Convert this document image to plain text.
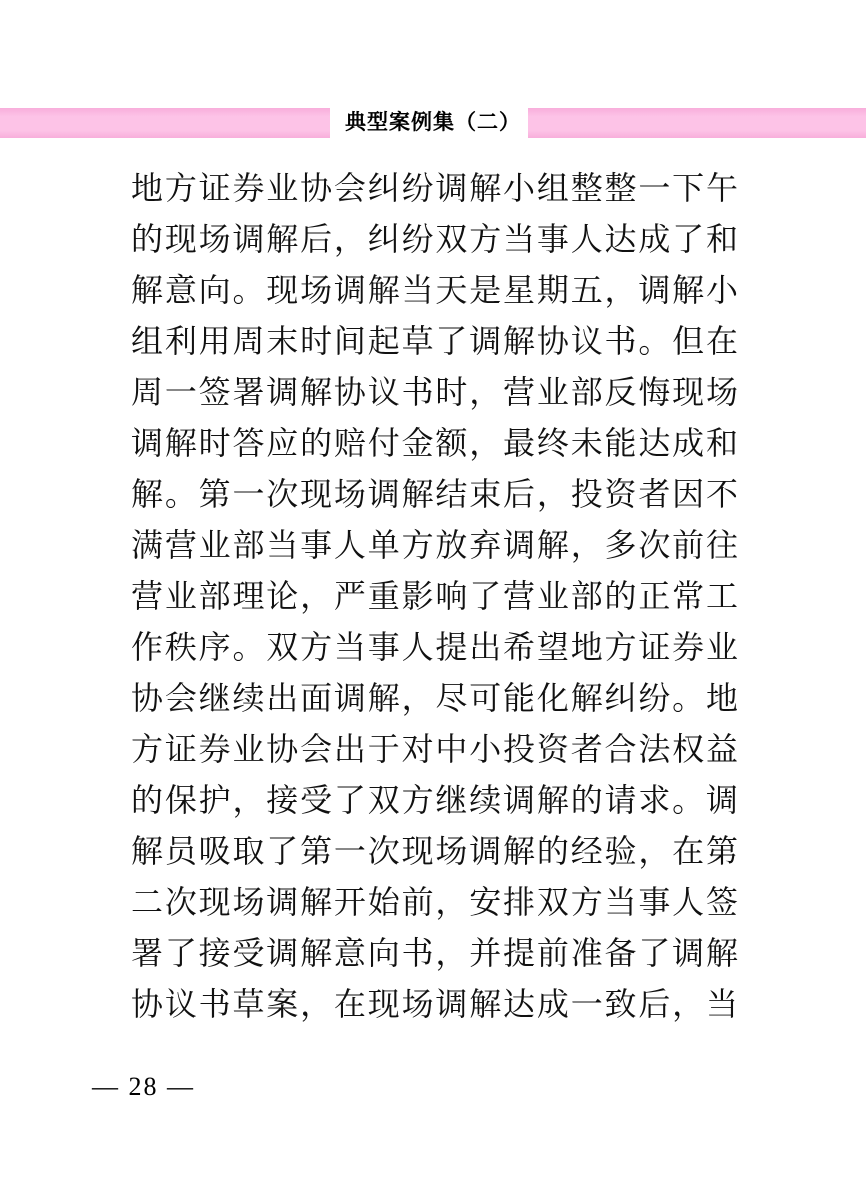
典型案例集（二）
地方证券业协会纠纷调解小组整整一下午
的现场调解后，纠纷双方当事人达成了和
解意向。现场调解当天是星期五，调解小
组利用周末时间起草了调解协议书。但在
周一签署调解协议书时，营业部反悔现场
调解时答应的赔付金额，最终未能达成和
解。第一次现场调解结束后，投资者因不
满营业部当事人单方放弃调解，多次前往
营业部理论，严重影响了营业部的正常工
作秩序。双方当事人提出希望地方证券业
协会继续出面调解，尽可能化解纠纷。地
方证券业协会出于对中小投资者合法权益
的保护，接受了双方继续调解的请求。调
解员吸取了第一次现场调解的经验，在第
二次现场调解开始前，安排双方当事人签
署了接受调解意向书，并提前准备了调解
协议书草案，在现场调解达成一致后，当
— 28 —
